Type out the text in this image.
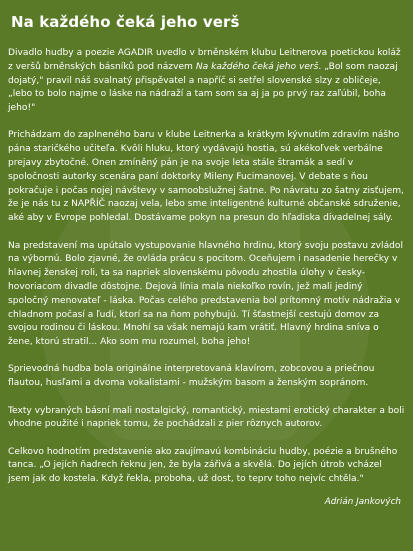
Na každého čeká jeho verš

Divadlo hudby a poezie AGADIR uvedlo v brněnském klubu Leitnerova poetickou koláž z veršů brněnských básníků pod názvem Na každého čeká jeho verš. „Bol som naozaj dojatý," pravil náš svalnatý přispěvatel a napříč si setřel slovenské slzy z obličeje, „lebo to bolo najme o láske na nádraží a tam som sa aj ja po prvý raz zaľúbil, boha jeho!"

Prichádzam do zaplneného baru v klube Leitnerka a krátkym kývnutím zdravím nášho pána staričkého učiteľa. Kvôli hluku, ktorý vydávajú hostia, sú akékoľvek verbálne prejavy zbytočné. Onen zmíněný pán je na svoje leta stále štramák a sedí v spoločnosti autorky scenára paní doktorky Mileny Fucimanovej. V debate s ňou pokračuje i počas nojej návštevy v samoobslužnej šatne. Po návratu zo šatny zisťujem, že je nás tu z NAPŘÍČ naozaj vela, lebo sme inteligentné kulturné občanské sdruženie, aké aby v Evrope pohledal. Dostávame pokyn na presun do hľadiska divadelnej sály.

Na predstavení ma upútalo vystupovanie hlavného hrdinu, ktorý svoju postavu zvládol na výbornú. Bolo zjavné, že ovláda prácu s pocitom. Oceňujem i nasadenie herečky v hlavnej ženskej roli, ta sa napriek slovenskému pôvodu zhostila úlohy v česky-hovoriacom divadle dôstojne. Dejová línia mala niekoľko rovín, jež mali jediný spoločný menovateľ - láska. Počas celého predstavenia bol prítomný motív nádražia v chladnom počasí a ľudí, ktorí sa na ňom pohybujú. Tí šťastnejší cestujú domov za svojou rodinou či láskou. Mnohí sa však nemajú kam vrátiť. Hlavný hrdina sníva o žene, ktorú stratil... Ako som mu rozumel, boha jeho!

Sprievodná hudba bola originálne interpretovaná klavírom, zobcovou a priečnou flautou, husľami a dvoma vokalistami - mužským basom a ženským sopránom.

Texty vybraných básní mali nostalgický, romantický, miestami erotický charakter a boli vhodne použité i napriek tomu, že pochádzali z pier rôznych autorov.

Celkovo hodnotím predstavenie ako zaujímavú kombináciu hudby, poézie a brušného tanca. „O jejích ňadrech řeknu jen, že byla zářivá a skvělá. Do jejích útrob vcházel jsem jak do kostela. Když řekla, proboha, už dost, to teprv toho nejvíc chtěla."

Adrián Jankových
